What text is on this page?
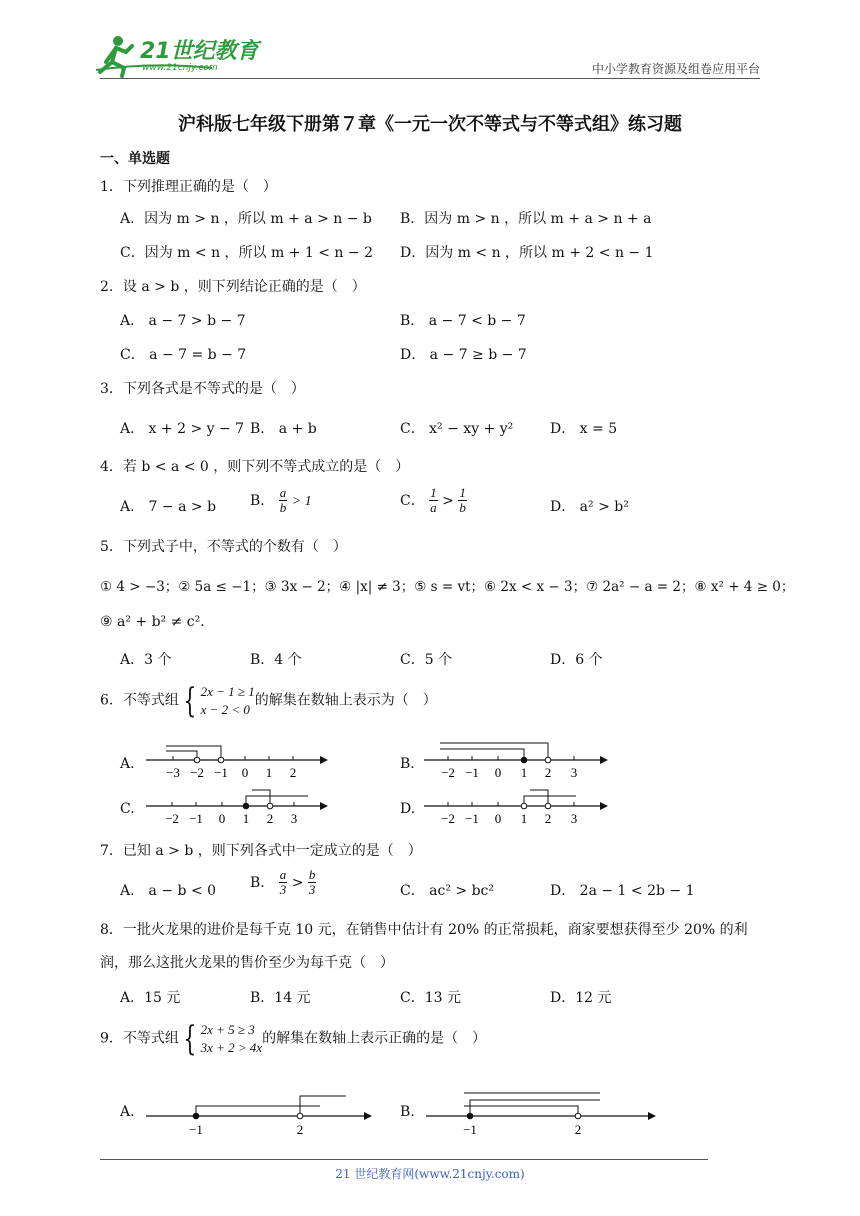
21世纪教育
www.21cnjy.com	中小学教育资源及组卷应用平台
沪科版七年级下册第７章《一元一次不等式与不等式组》练习题
一、单选题
1．下列推理正确的是（　）
A．因为 m > n ，所以 m + a > n − b B．因为 m > n ，所以 m + a > n + a
C．因为 m < n ，所以 m + 1 < n − 2 D．因为 m < n ，所以 m + 2 < n − 1
2．设 a > b ，则下列结论正确的是（　）
A． a − 7 > b − 7	B． a − 7 < b − 7
C． a − 7 = b − 7	D． a − 7 ≥ b − 7
3．下列各式是不等式的是（　）
A． x + 2 > y − 7 B． a + b	C． x² − xy + y²	D． x = 5
4．若 b < a < 0 ，则下列不等式成立的是（　）
A． 7 − a > b B． $\frac{a}{b} > 1$	C． $\frac{1}{a} > \frac{1}{b}$	D． a² > b²
5．下列式子中，不等式的个数有（　）
① 4 > −3；② 5a ≤ −1；③ 3x − 2；④ |x| ≠ 3；⑤ s = vt；⑥ 2x < x − 3；⑦ 2a² − a = 2；⑧ x² + 4 ≥ 0；
⑨ a² + b² ≠ c².
A．3 个	B．4 个	C．5 个	D．6 个
6．不等式组 { 2x − 1 ≥ 1
x − 2 < 0
的解集在数轴上表示为（　）
A.	B.
C.	D.
−3 −2 −1 0 1 2	−2 −1 0 1 2 3
−2 −1 0 1 2 3	−2 −1 0 1 2 3
7．已知 a > b ，则下列各式中一定成立的是（　）
A． a − b < 0
B． $\frac{a}{3} > \frac{b}{3}$	C． ac² > bc²	D． 2a − 1 < 2b − 1
8．一批火龙果的进价是每千克 10 元，在销售中估计有 20% 的正常损耗，商家要想获得至少 20% 的利
润，那么这批火龙果的售价至少为每千克（　）
A．15 元	B．14 元	C．13 元	D．12 元
9．不等式组 { 2x + 5 ≥ 3
3x + 2 > 4x
的解集在数轴上表示正确的是（　）
A.	B.
−1	2	−1	2
21 世纪教育网(www.21cnjy.com)
